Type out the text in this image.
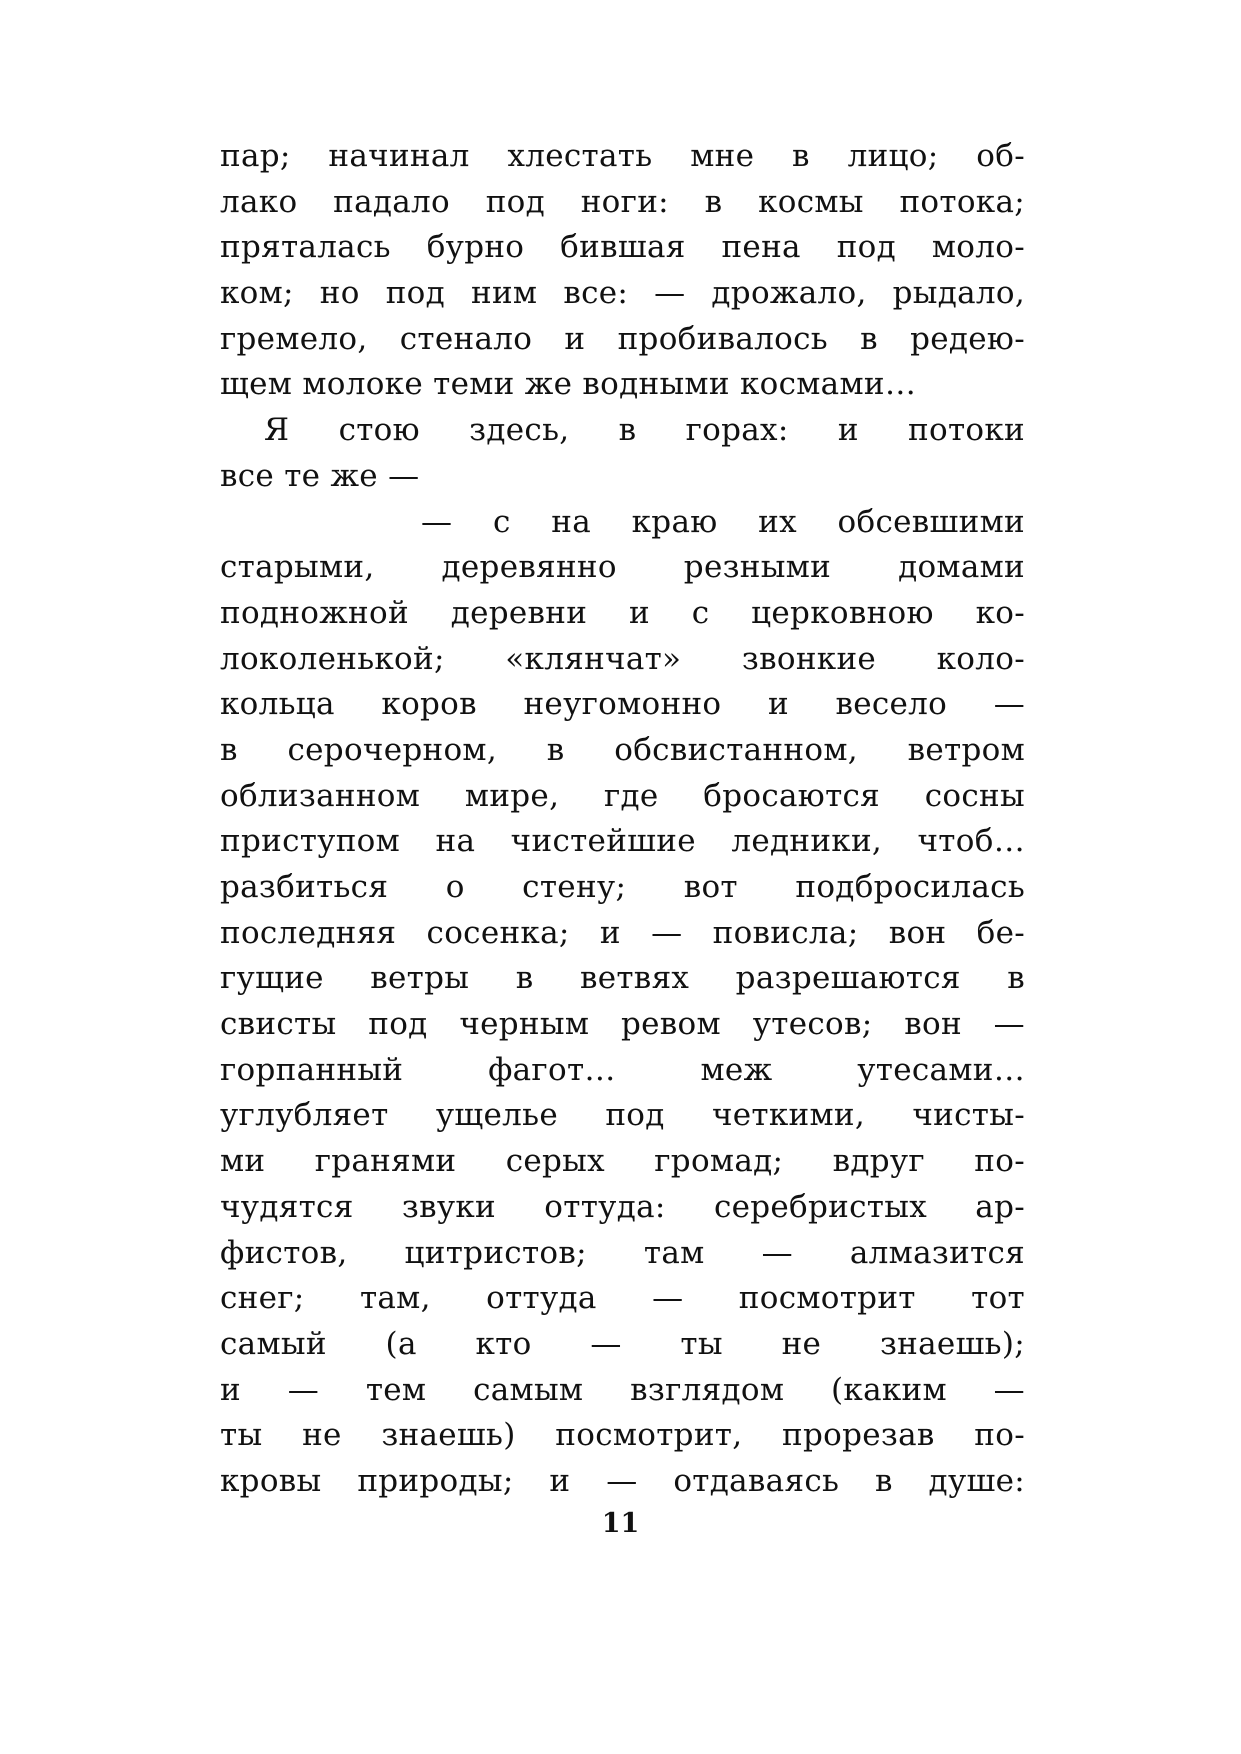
пар; начинал хлестать мне в лицо; об-
лако падало под ноги: в космы потока;
пряталась бурно бившая пена под моло-
ком; но под ним все: — дрожало, рыдало,
гремело, стенало и пробивалось в редею-
щем молоке теми же водными космами…
Я стою здесь, в горах: и потоки
все те же —
— с на краю их обсевшими
старыми, деревянно резными домами
подножной деревни и с церковною ко-
локоленькой; «клянчат» звонкие коло-
кольца коров неугомонно и весело —
в серочерном, в обсвистанном, ветром
облизанном мире, где бросаются сосны
приступом на чистейшие ледники, чтоб…
разбиться о стену; вот подбросилась
последняя сосенка; и — повисла; вон бе-
гущие ветры в ветвях разрешаются в
свисты под черным ревом утесов; вон —
горпанный фагот… меж утесами…
углубляет ущелье под четкими, чисты-
ми гранями серых громад; вдруг по-
чудятся звуки оттуда: серебристых ар-
фистов, цитристов; там — алмазится
снег; там, оттуда — посмотрит тот
самый (а кто — ты не знаешь);
и — тем самым взглядом (каким —
ты не знаешь) посмотрит, прорезав по-
кровы природы; и — отдаваясь в душе:
11
